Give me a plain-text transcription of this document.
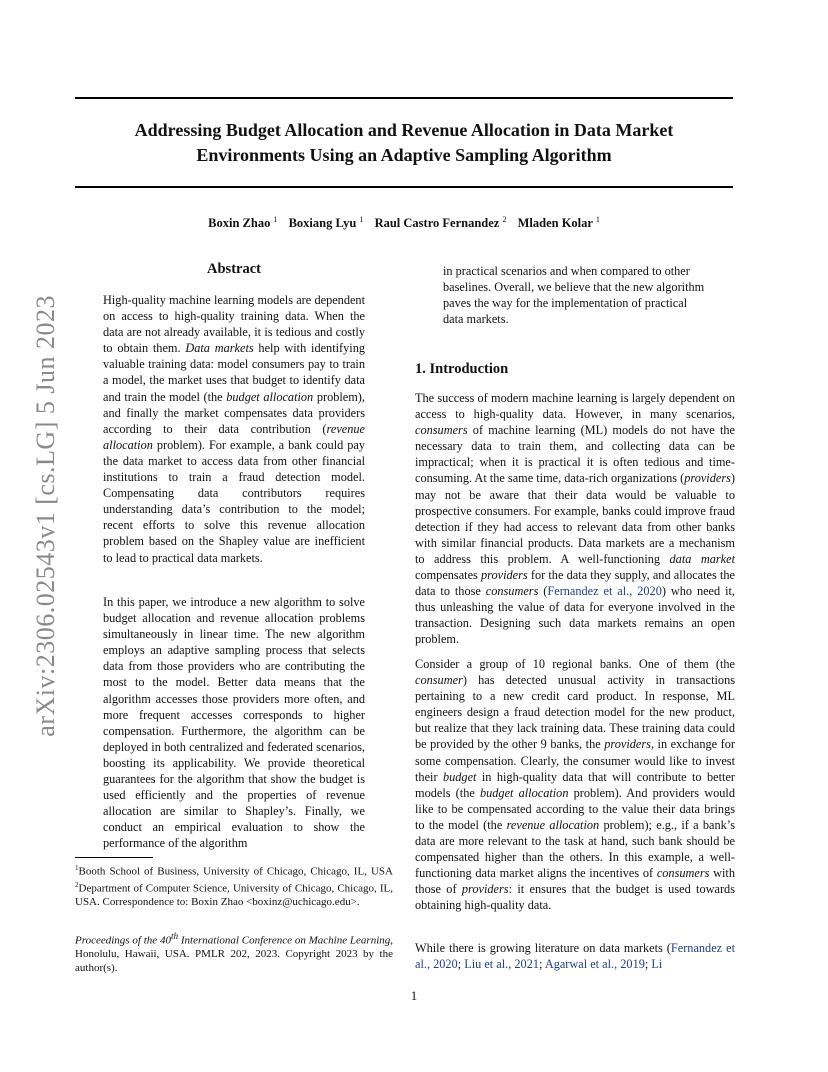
Addressing Budget Allocation and Revenue Allocation in Data Market
Environments Using an Adaptive Sampling Algorithm
Boxin Zhao $^1$ Boxiang Lyu $^1$ Raul Castro Fernandez $^2$ Mladen Kolar $^1$
arXiv:2306.02543v1 [cs.LG] 5 Jun 2023
Abstract

High-quality machine learning models are dependent on access to high-quality training data. When the data are not already available, it is tedious and costly to obtain them. Data markets help with identifying valuable training data: model consumers pay to train a model, the market uses that budget to identify data and train the model (the budget allocation problem), and finally the market compensates data providers according to their data contribution (revenue allocation problem). For example, a bank could pay the data market to access data from other financial institutions to train a fraud detection model. Compensating data contributors requires understanding data’s contribution to the model; recent efforts to solve this revenue allocation problem based on the Shapley value are inefficient to lead to practical data markets.

In this paper, we introduce a new algorithm to solve budget allocation and revenue allocation problems simultaneously in linear time. The new algorithm employs an adaptive sampling process that selects data from those providers who are contributing the most to the model. Better data means that the algorithm accesses those providers more often, and more frequent accesses corresponds to higher compensation. Furthermore, the algorithm can be deployed in both centralized and federated scenarios, boosting its applicability. We provide theoretical guarantees for the algorithm that show the budget is used efficiently and the properties of revenue allocation are similar to Shapley’s. Finally, we conduct an empirical evaluation to show the performance of the algorithm

in practical scenarios and when compared to other baselines. Overall, we believe that the new algorithm paves the way for the implementation of practical data markets.

1. Introduction

The success of modern machine learning is largely dependent on access to high-quality data. However, in many scenarios, consumers of machine learning (ML) models do not have the necessary data to train them, and collecting data can be impractical; when it is practical it is often tedious and time-consuming. At the same time, data-rich organizations (providers) may not be aware that their data would be valuable to prospective consumers. For example, banks could improve fraud detection if they had access to relevant data from other banks with similar financial products. Data markets are a mechanism to address this problem. A well-functioning data market compensates providers for the data they supply, and allocates the data to those consumers (Fernandez et al., 2020) who need it, thus unleashing the value of data for everyone involved in the transaction. Designing such data markets remains an open problem.

Consider a group of 10 regional banks. One of them (the consumer) has detected unusual activity in transactions pertaining to a new credit card product. In response, ML engineers design a fraud detection model for the new product, but realize that they lack training data. These training data could be provided by the other 9 banks, the providers, in exchange for some compensation. Clearly, the consumer would like to invest their budget in high-quality data that will contribute to better models (the budget allocation problem). And providers would like to be compensated according to the value their data brings to the model (the revenue allocation problem); e.g., if a bank’s data are more relevant to the task at hand, such bank should be compensated higher than the others. In this example, a well-functioning data market aligns the incentives of consumers with those of providers: it ensures that the budget is used towards obtaining high-quality data.

While there is growing literature on data markets (Fernandez et al., 2020; Liu et al., 2021; Agarwal et al., 2019; Li

$^1$Booth School of Business, University of Chicago, Chicago, IL, USA $^2$Department of Computer Science, University of Chicago, Chicago, IL, USA. Correspondence to: Boxin Zhao <boxinz@uchicago.edu>.
Proceedings of the 40th International Conference on Machine Learning, Honolulu, Hawaii, USA. PMLR 202, 2023. Copyright 2023 by the author(s).
1
